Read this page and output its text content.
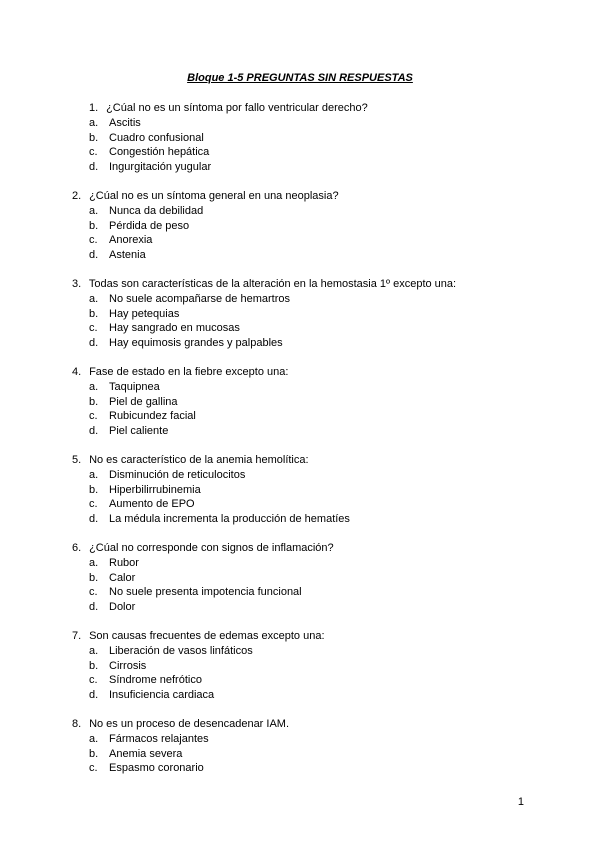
Bloque 1-5 PREGUNTAS SIN RESPUESTAS
1. ¿Cúal no es un síntoma por fallo ventricular derecho?
a. Ascitis
b. Cuadro confusional
c. Congestión hepática
d. Ingurgitación yugular
2. ¿Cúal no es un síntoma general en una neoplasia?
a. Nunca da debilidad
b. Pérdida de peso
c. Anorexia
d. Astenia
3. Todas son características de la alteración en la hemostasia 1º excepto una:
a. No suele acompañarse de hemartros
b. Hay petequias
c. Hay sangrado en mucosas
d. Hay equimosis grandes y palpables
4. Fase de estado en la fiebre excepto una:
a. Taquipnea
b. Piel de gallina
c. Rubicundez facial
d. Piel caliente
5. No es característico de la anemia hemolítica:
a. Disminución de reticulocitos
b. Hiperbilirrubinemia
c. Aumento de EPO
d. La médula incrementa la producción de hematíes
6. ¿Cúal no corresponde con signos de inflamación?
a. Rubor
b. Calor
c. No suele presenta impotencia funcional
d. Dolor
7. Son causas frecuentes de edemas excepto una:
a. Liberación de vasos linfáticos
b. Cirrosis
c. Síndrome nefrótico
d. Insuficiencia cardiaca
8. No es un proceso de desencadenar IAM.
a. Fármacos relajantes
b. Anemia severa
c. Espasmo coronario
1
